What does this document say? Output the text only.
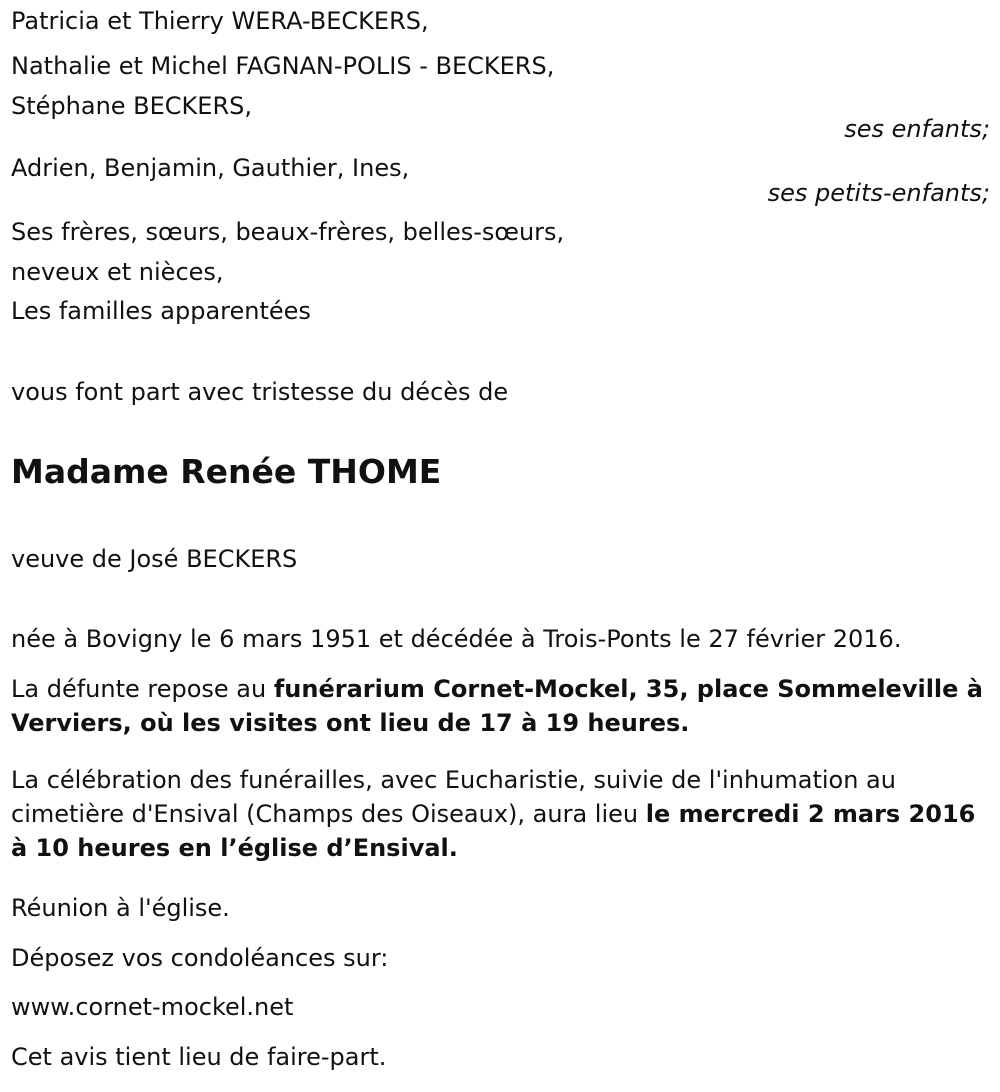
Patricia et Thierry WERA-BECKERS,
Nathalie et Michel FAGNAN-POLIS - BECKERS,
Stéphane BECKERS,
ses enfants;
Adrien, Benjamin, Gauthier, Ines,
ses petits-enfants;
Ses frères, sœurs, beaux-frères, belles-sœurs,
neveux et nièces,
Les familles apparentées
vous font part avec tristesse du décès de
Madame Renée THOME
veuve de José BECKERS
née à Bovigny le 6 mars 1951 et décédée à Trois-Ponts le 27 février 2016.
La défunte repose au funérarium Cornet-Mockel, 35, place Sommeleville à Verviers, où les visites ont lieu de 17 à 19 heures.
La célébration des funérailles, avec Eucharistie, suivie de l'inhumation au cimetière d'Ensival (Champs des Oiseaux), aura lieu le mercredi 2 mars 2016 à 10 heures en l’église d’Ensival.
Réunion à l'église.
Déposez vos condoléances sur:
www.cornet-mockel.net
Cet avis tient lieu de faire-part.
